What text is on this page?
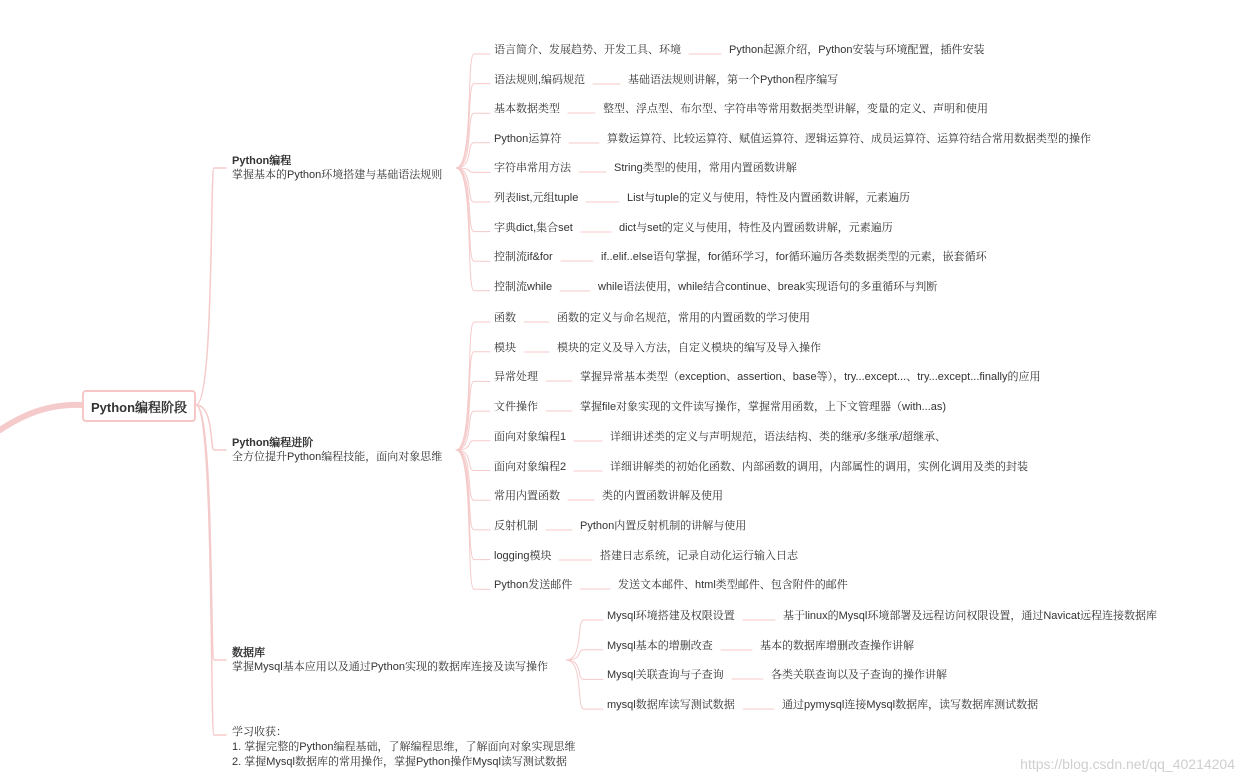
Python编程阶段
Python编程
掌握基本的Python环境搭建与基础语法规则
Python编程进阶
全方位提升Python编程技能，面向对象思维
数据库
掌握Mysql基本应用以及通过Python实现的数据库连接及读写操作
语言简介、发展趋势、开发工具、环境	Python起源介绍，Python安装与环境配置，插件安装
语法规则,编码规范	基础语法规则讲解，第一个Python程序编写
基本数据类型	整型、浮点型、布尔型、字符串等常用数据类型讲解，变量的定义、声明和使用
Python运算符	算数运算符、比较运算符、赋值运算符、逻辑运算符、成员运算符、运算符结合常用数据类型的操作
字符串常用方法	String类型的使用，常用内置函数讲解
列表list,元组tuple	List与tuple的定义与使用，特性及内置函数讲解，元素遍历
字典dict,集合set	dict与set的定义与使用，特性及内置函数讲解，元素遍历
控制流if&for	if..elif..else语句掌握，for循环学习，for循环遍历各类数据类型的元素，嵌套循环
控制流while	while语法使用，while结合continue、break实现语句的多重循环与判断
函数	函数的定义与命名规范，常用的内置函数的学习使用
模块	模块的定义及导入方法，自定义模块的编写及导入操作
异常处理	掌握异常基本类型（exception、assertion、base等），try...except...、try...except...finally的应用
文件操作	掌握file对象实现的文件读写操作，掌握常用函数，上下文管理器（with...as)
面向对象编程1	详细讲述类的定义与声明规范，语法结构、类的继承/多继承/超继承、
面向对象编程2	详细讲解类的初始化函数、内部函数的调用，内部属性的调用，实例化调用及类的封装
常用内置函数	类的内置函数讲解及使用
反射机制	Python内置反射机制的讲解与使用
logging模块	搭建日志系统，记录自动化运行输入日志
Python发送邮件	发送文本邮件、html类型邮件、包含附件的邮件
Mysql环境搭建及权限设置	基于linux的Mysql环境部署及远程访问权限设置，通过Navicat远程连接数据库
Mysql基本的增删改查	基本的数据库增删改查操作讲解
Mysql关联查询与子查询	各类关联查询以及子查询的操作讲解
mysql数据库读写测试数据	通过pymysql连接Mysql数据库，读写数据库测试数据
学习收获：
1. 掌握完整的Python编程基础，了解编程思维，了解面向对象实现思维
2. 掌握Mysql数据库的常用操作，掌握Python操作Mysql读写测试数据	https://blog.csdn.net/qq_40214204
